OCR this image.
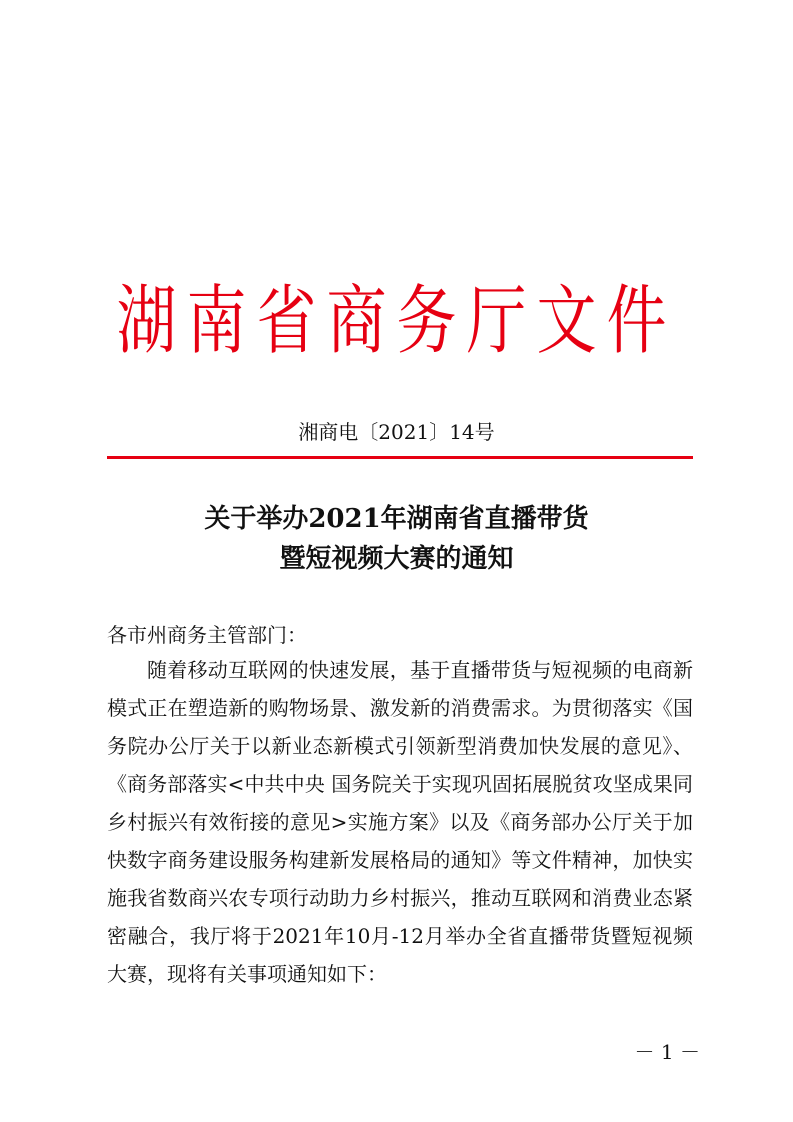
湖南省商务厅文件
湘商电〔2021〕14号
关于举办2021年湖南省直播带货
暨短视频大赛的通知
各市州商务主管部门：
随着移动互联网的快速发展，基于直播带货与短视频的电商新模式正在塑造新的购物场景、激发新的消费需求。为贯彻落实《国务院办公厅关于以新业态新模式引领新型消费加快发展的意见》、《商务部落实<中共中央 国务院关于实现巩固拓展脱贫攻坚成果同乡村振兴有效衔接的意见>实施方案》以及《商务部办公厅关于加快数字商务建设服务构建新发展格局的通知》等文件精神，加快实施我省数商兴农专项行动助力乡村振兴，推动互联网和消费业态紧密融合，我厅将于2021年10月-12月举办全省直播带货暨短视频大赛，现将有关事项通知如下：
－ 1 －
